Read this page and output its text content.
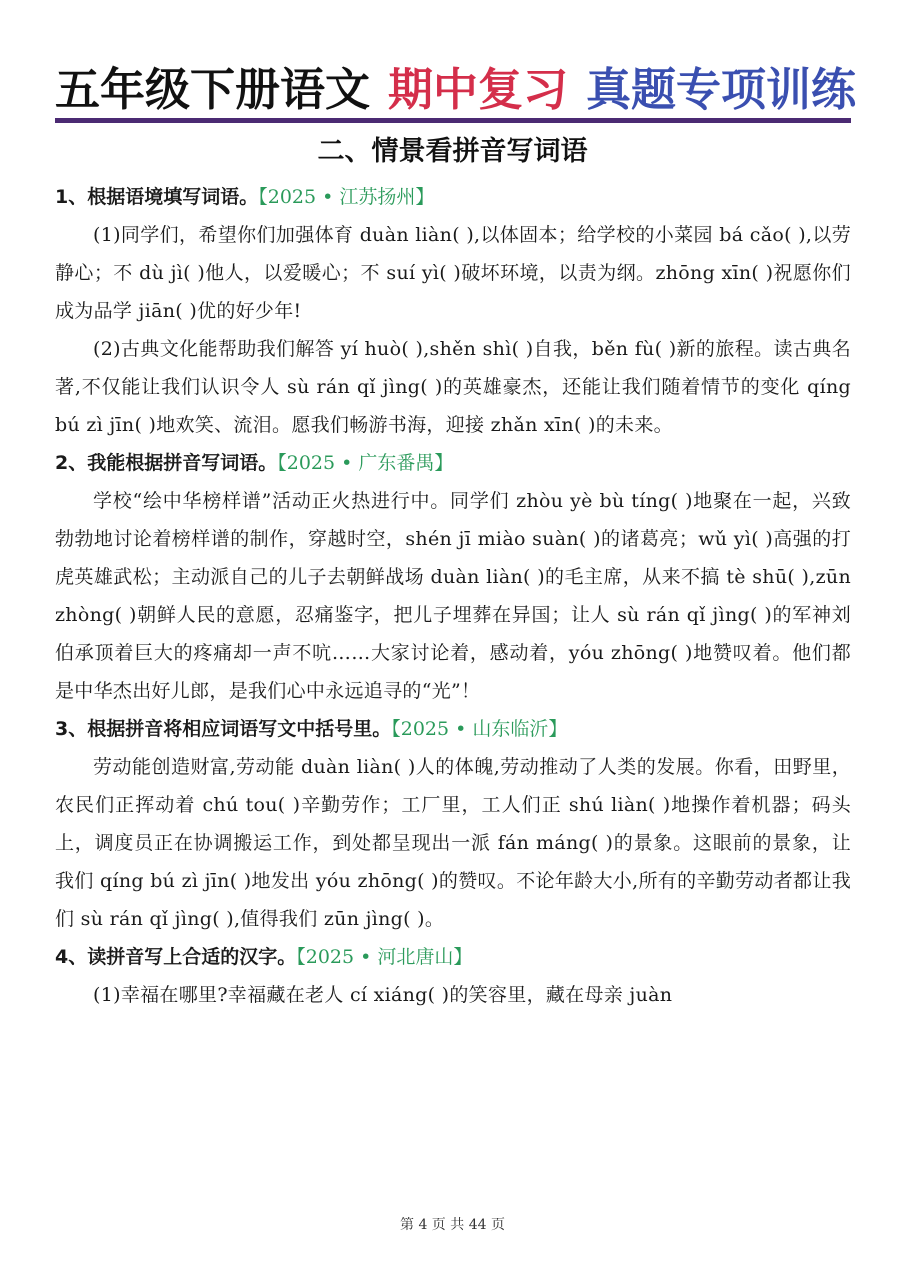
五年级下册语文 期中复习 真题专项训练
二、情景看拼音写词语
1、根据语境填写词语。【2025 • 江苏扬州】
(1)同学们，希望你们加强体育 duàn liàn( ),以体固本；给学校的小菜园 bá cǎo( ),以劳静心；不 dù jì( )他人，以爱暖心；不 suí yì( )破坏环境，以责为纲。zhōng xīn( )祝愿你们成为品学 jiān( )优的好少年!
(2)古典文化能帮助我们解答 yí huò( ),shěn shì( )自我，běn fù( )新的旅程。读古典名著,不仅能让我们认识令人 sù rán qǐ jìng( )的英雄豪杰，还能让我们随着情节的变化 qíng bú zì jīn( )地欢笑、流泪。愿我们畅游书海，迎接 zhǎn xīn( )的未来。
2、我能根据拼音写词语。【2025 • 广东番禺】
学校“绘中华榜样谱”活动正火热进行中。同学们 zhòu yè bù tíng( )地聚在一起，兴致勃勃地讨论着榜样谱的制作，穿越时空，shén jī miào suàn( )的诸葛亮；wǔ yì( )高强的打虎英雄武松；主动派自己的儿子去朝鲜战场 duàn liàn( )的毛主席，从来不搞 tè shū( ),zūn zhòng( )朝鲜人民的意愿，忍痛鉴字，把儿子埋葬在异国；让人 sù rán qǐ jìng( )的军神刘伯承顶着巨大的疼痛却一声不吭……大家讨论着，感动着，yóu zhōng( )地赞叹着。他们都是中华杰出好儿郎，是我们心中永远追寻的“光”！
3、根据拼音将相应词语写文中括号里。【2025 • 山东临沂】
劳动能创造财富,劳动能 duàn liàn( )人的体魄,劳动推动了人类的发展。你看，田野里，农民们正挥动着 chú tou( )辛勤劳作；工厂里，工人们正 shú liàn( )地操作着机器；码头上，调度员正在协调搬运工作，到处都呈现出一派 fán máng( )的景象。这眼前的景象，让我们 qíng bú zì jīn( )地发出 yóu zhōng( )的赞叹。不论年龄大小,所有的辛勤劳动者都让我们 sù rán qǐ jìng( ),值得我们 zūn jìng( )。
4、读拼音写上合适的汉字。【2025 • 河北唐山】
(1)幸福在哪里?幸福藏在老人 cí xiáng( )的笑容里，藏在母亲 juàn
第 4 页 共 44 页
